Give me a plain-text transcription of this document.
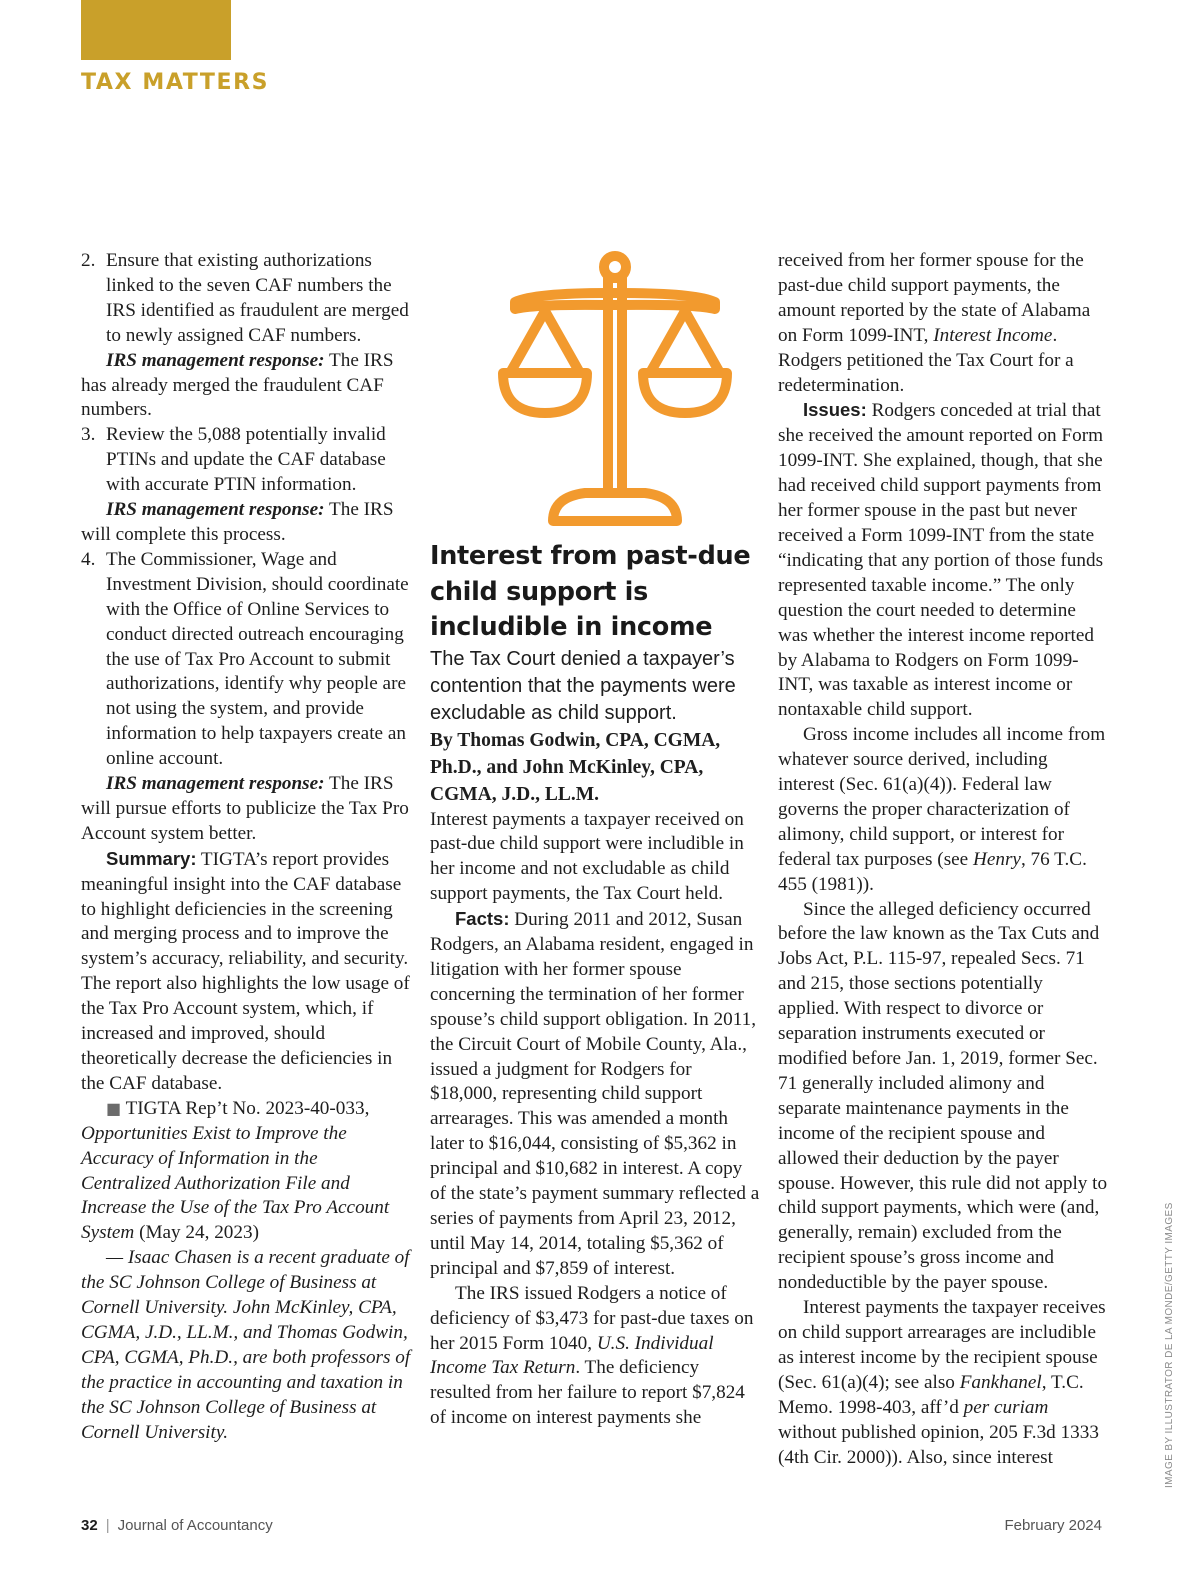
TAX MATTERS

2. Ensure that existing authorizations linked to the seven CAF numbers the IRS identified as fraudulent are merged to newly assigned CAF numbers.

IRS management response: The IRS has already merged the fraudulent CAF numbers.

3. Review the 5,088 potentially invalid PTINs and update the CAF database with accurate PTIN information.

IRS management response: The IRS will complete this process.

4. The Commissioner, Wage and Investment Division, should coordinate with the Office of Online Services to conduct directed outreach encouraging the use of Tax Pro Account to submit authorizations, identify why people are not using the system, and provide information to help taxpayers create an online account.

IRS management response: The IRS will pursue efforts to publicize the Tax Pro Account system better.

Summary: TIGTA’s report provides meaningful insight into the CAF database to highlight deficiencies in the screening and merging process and to improve the system’s accuracy, reliability, and security. The report also highlights the low usage of the Tax Pro Account system, which, if increased and improved, should theoretically decrease the deficiencies in the CAF database.

■ TIGTA Rep’t No. 2023-40-033, Opportunities Exist to Improve the Accuracy of Information in the Centralized Authorization File and Increase the Use of the Tax Pro Account System (May 24, 2023)

— Isaac Chasen is a recent graduate of the SC Johnson College of Business at Cornell University. John McKinley, CPA, CGMA, J.D., LL.M., and Thomas Godwin, CPA, CGMA, Ph.D., are both professors of the practice in accounting and taxation in the SC Johnson College of Business at Cornell University.

Interest from past-due child support is includible in income

The Tax Court denied a taxpayer’s contention that the payments were excludable as child support.

By Thomas Godwin, CPA, CGMA, Ph.D., and John McKinley, CPA, CGMA, J.D., LL.M.

Interest payments a taxpayer received on past-due child support were includible in her income and not excludable as child support payments, the Tax Court held.

Facts: During 2011 and 2012, Susan Rodgers, an Alabama resident, engaged in litigation with her former spouse concerning the termination of her former spouse’s child support obligation. In 2011, the Circuit Court of Mobile County, Ala., issued a judgment for Rodgers for $18,000, representing child support arrearages. This was amended a month later to $16,044, consisting of $5,362 in principal and $10,682 in interest. A copy of the state’s payment summary reflected a series of payments from April 23, 2012, until May 14, 2014, totaling $5,362 of principal and $7,859 of interest.

The IRS issued Rodgers a notice of deficiency of $3,473 for past-due taxes on her 2015 Form 1040, U.S. Individual Income Tax Return. The deficiency resulted from her failure to report $7,824 of income on interest payments she

received from her former spouse for the past-due child support payments, the amount reported by the state of Alabama on Form 1099-INT, Interest Income. Rodgers petitioned the Tax Court for a redetermination.

Issues: Rodgers conceded at trial that she received the amount reported on Form 1099-INT. She explained, though, that she had received child support payments from her former spouse in the past but never received a Form 1099-INT from the state “indicating that any portion of those funds represented taxable income.” The only question the court needed to determine was whether the interest income reported by Alabama to Rodgers on Form 1099-INT, was taxable as interest income or nontaxable child support.

Gross income includes all income from whatever source derived, including interest (Sec. 61(a)(4)). Federal law governs the proper characterization of alimony, child support, or interest for federal tax purposes (see Henry, 76 T.C. 455 (1981)).

Since the alleged deficiency occurred before the law known as the Tax Cuts and Jobs Act, P.L. 115-97, repealed Secs. 71 and 215, those sections potentially applied. With respect to divorce or separation instruments executed or modified before Jan. 1, 2019, former Sec. 71 generally included alimony and separate maintenance payments in the income of the recipient spouse and allowed their deduction by the payer spouse. However, this rule did not apply to child support payments, which were (and, generally, remain) excluded from the recipient spouse’s gross income and nondeductible by the payer spouse.

Interest payments the taxpayer receives on child support arrearages are includible as interest income by the recipient spouse (Sec. 61(a)(4); see also Fankhanel, T.C. Memo. 1998-403, aff’d per curiam without published opinion, 205 F.3d 1333 (4th Cir. 2000)). Also, since interest

32 | Journal of Accountancy	February 2024

IMAGE BY ILLUSTRATOR DE LA MONDE/GETTY IMAGES
